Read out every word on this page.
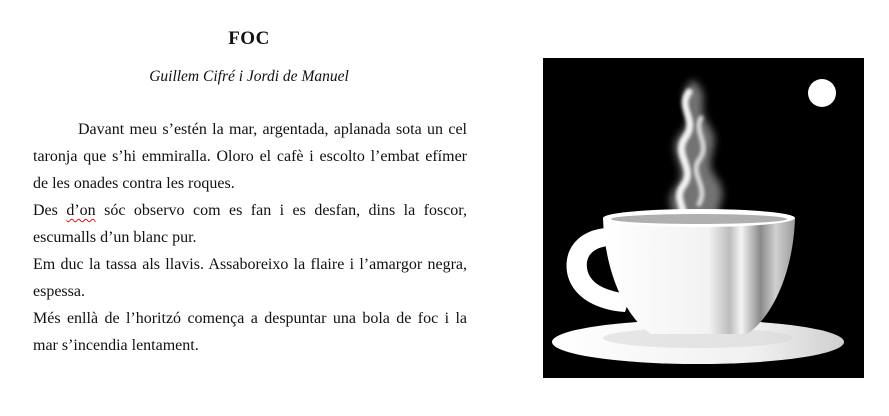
FOC
Guillem Cifré i Jordi de Manuel

Davant meu s’estén la mar, argentada, aplanada sota un cel taronja que s’hi emmiralla. Oloro el cafè i escolto l’embat efímer de les onades contra les roques.

Des d’on sóc observo com es fan i es desfan, dins la foscor, escumalls d’un blanc pur.

Em duc la tassa als llavis. Assaboreixo la flaire i l’amargor negra, espessa.

Més enllà de l’horitzó comença a despuntar una bola de foc i la mar s’incendia lentament.
